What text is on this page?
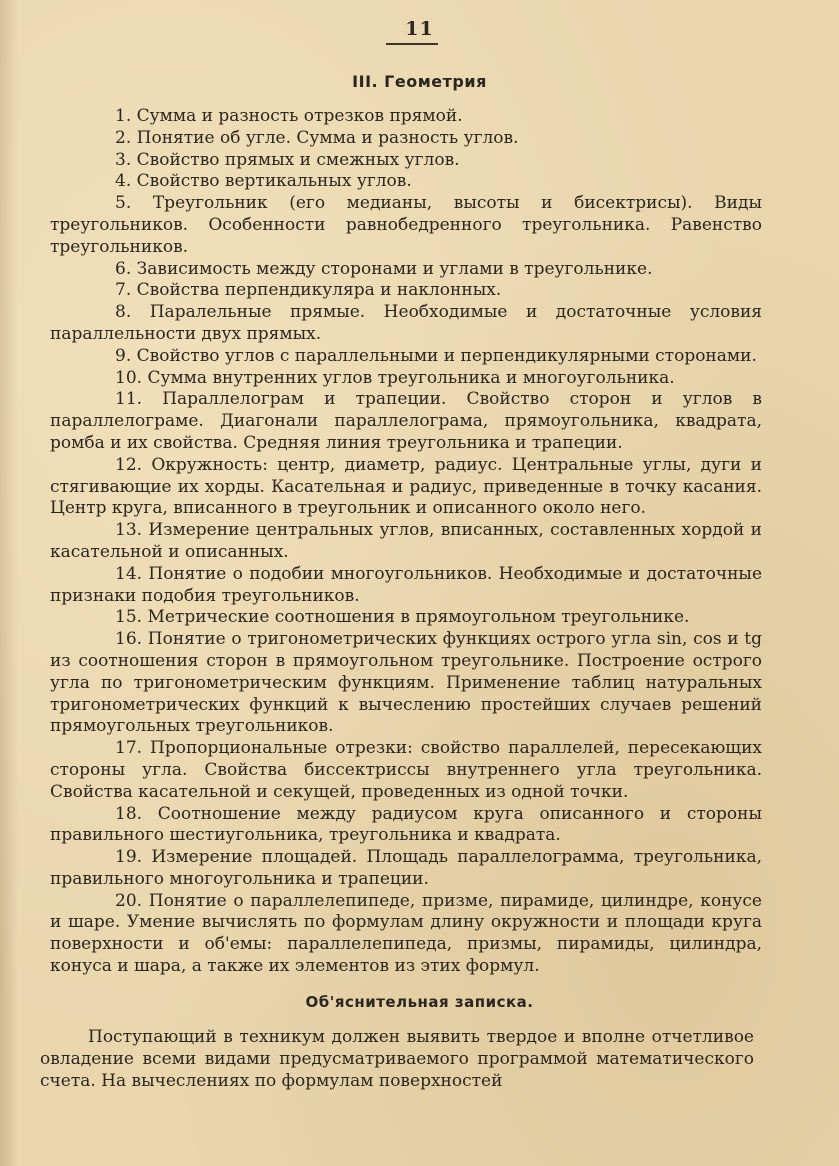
11
III. Геометрия

1. Сумма и разность отрезков прямой.

2. Понятие об угле. Сумма и разность углов.

3. Свойство прямых и смежных углов.

4. Свойство вертикальных углов.

5. Треугольник (его медианы, высоты и бисектрисы). Виды треугольников. Особенности равнобедренного треугольника. Равенство треугольников.

6. Зависимость между сторонами и углами в треугольнике.

7. Свойства перпендикуляра и наклонных.

8. Паралельные прямые. Необходимые и достаточные условия параллельности двух прямых.

9. Свойство углов с параллельными и перпендикулярными сторонами.

10. Сумма внутренних углов треугольника и многоугольника.

11. Параллелограм и трапеции. Свойство сторон и углов в параллелограме. Диагонали параллелограма, прямоугольника, квадрата, ромба и их свойства. Средняя линия треугольника и трапеции.

12. Окружность: центр, диаметр, радиус. Центральные углы, дуги и стягивающие их хорды. Касательная и радиус, приведенные в точку касания. Центр круга, вписанного в треугольник и описанного около него.

13. Измерение центральных углов, вписанных, составленных хордой и касательной и описанных.

14. Понятие о подобии многоугольников. Необходимые и достаточные признаки подобия треугольников.

15. Метрические соотношения в прямоугольном треугольнике.

16. Понятие о тригонометрических функциях острого угла sin, cos и tg из соотношения сторон в прямоугольном треугольнике. Построение острого угла по тригонометрическим функциям. Применение таблиц натуральных тригонометрических функций к вычеслению простейших случаев решений прямоугольных треугольников.

17. Пропорциональные отрезки: свойство параллелей, пересекающих стороны угла. Свойства биссектриссы внутреннего угла треугольника. Свойства касательной и секущей, проведенных из одной точки.

18. Соотношение между радиусом круга описанного и стороны правильного шестиугольника, треугольника и квадрата.

19. Измерение площадей. Площадь параллелограмма, треугольника, правильного многоугольника и трапеции.

20. Понятие о параллелепипеде, призме, пирамиде, цилиндре, конусе и шаре. Умение вычислять по формулам длину окружности и площади круга поверхности и об'емы: параллелепипеда, призмы, пирамиды, цилиндра, конуса и шара, а также их элементов из этих формул.

Об'яснительная записка.

Поступающий в техникум должен выявить твердое и вполне отчетливое овладение всеми видами предусматриваемого программой математического счета. На вычеслениях по формулам поверхностей
